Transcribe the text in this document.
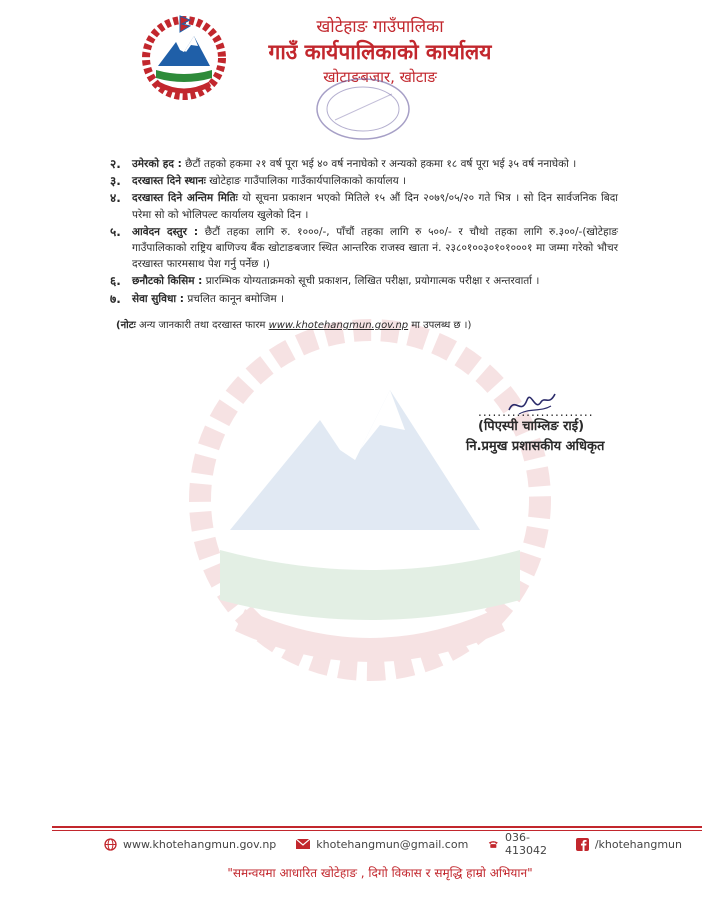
खोटेहाङ गाउँपालिका
गाउँ कार्यपालिकाको कार्यालय
खोटाङबजार, खोटाङ
२.	उमेरको हद : छैटौं तहको हकमा २१ वर्ष पूरा भई ४० वर्ष ननाघेको र अन्यको हकमा १८ वर्ष पूरा भई ३५ वर्ष ननाघेको ।
३.	दरखास्त दिने स्थानः खोटेहाङ गाउँपालिका गाउँकार्यपालिकाको कार्यालय ।
४.	दरखास्त दिने अन्तिम मितिः यो सूचना प्रकाशन भएको मितिले १५ औं दिन २०७९/०५/२० गते भित्र । सो दिन सार्वजनिक बिदा परेमा सो को भोलिपल्ट कार्यालय खुलेको दिन ।
५.	आवेदन दस्तुर : छैटौं तहका लागि रु. १०००/-, पाँचौं तहका लागि रु ५००/- र चौथो तहका लागि रु.३००/-(खोटेहाङ गाउँपालिकाको राष्ट्रिय बाणिज्य बैंक खोटाङबजार स्थित आन्तरिक राजस्व खाता नं. २३८०१००३०१०१०००१ मा जम्मा गरेको भौचर दरखास्त फारमसाथ पेश गर्नु पर्नेछ ।)
६.	छनौटको किसिम : प्रारम्भिक योग्यताक्रमको सूची प्रकाशन, लिखित परीक्षा, प्रयोगात्मक परीक्षा र अन्तरवार्ता ।
७.	सेवा सुविधा : प्रचलित कानून बमोजिम ।
(नोटः अन्य जानकारी तथा दरखास्त फारम www.khotehangmun.gov.np मा उपलब्ध छ ।)
........................
(पिएस्पी चाम्लिङ राई)
नि.प्रमुख प्रशासकीय अधिकृत
www.khotehangmun.gov.np	khotehangmun@gmail.com	036-413042	/khotehangmun
"समन्वयमा आधारित खोटेहाङ , दिगो विकास र समृद्धि हाम्रो अभियान"
